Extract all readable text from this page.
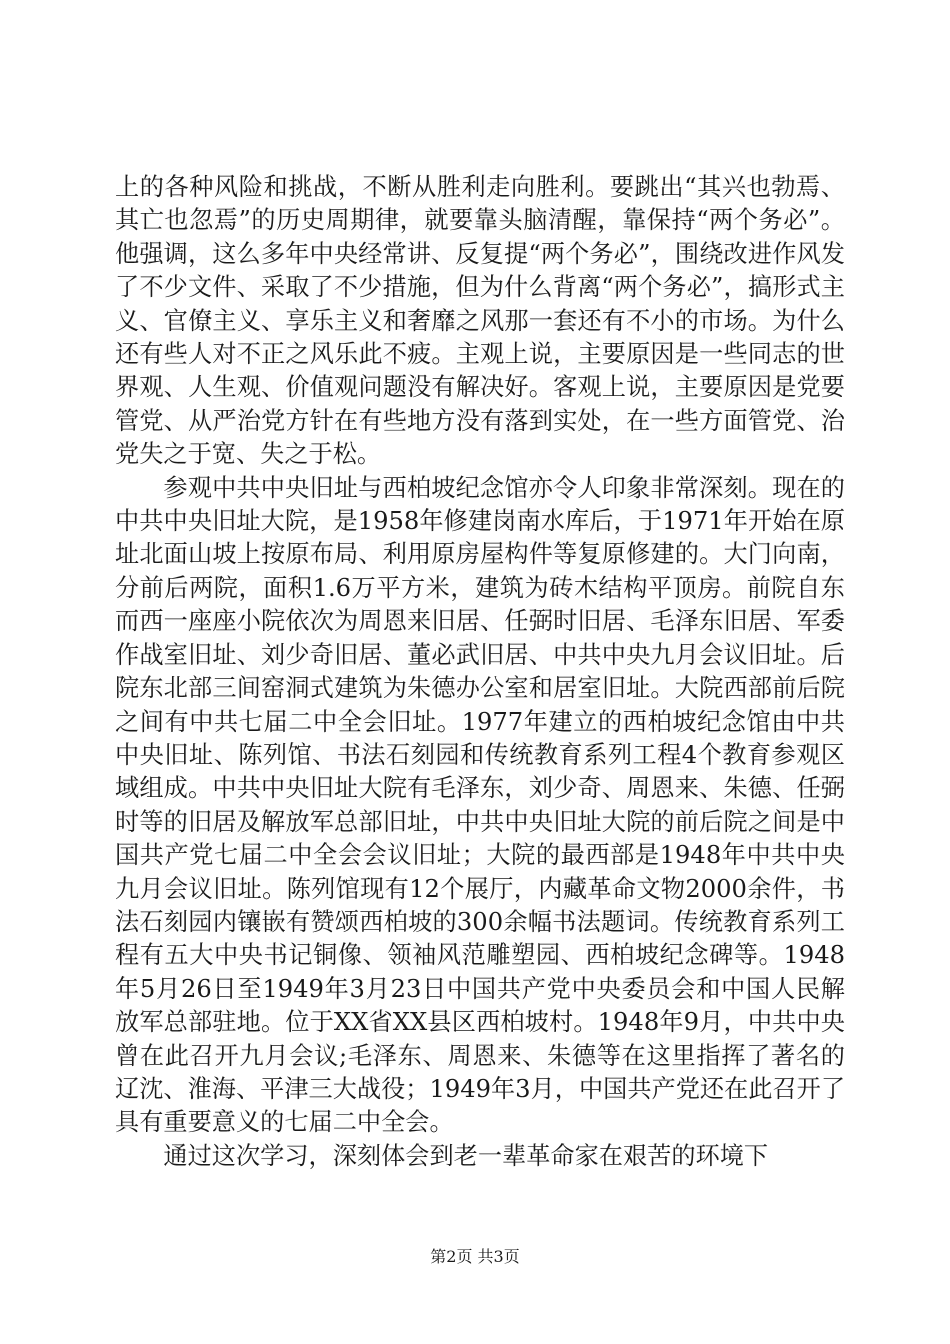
上的各种风险和挑战，不断从胜利走向胜利。要跳出“其兴也勃焉、其亡也忽焉”的历史周期律，就要靠头脑清醒，靠保持“两个务必”。他强调，这么多年中央经常讲、反复提“两个务必”，围绕改进作风发了不少文件、采取了不少措施，但为什么背离“两个务必”，搞形式主义、官僚主义、享乐主义和奢靡之风那一套还有不小的市场。为什么还有些人对不正之风乐此不疲。主观上说，主要原因是一些同志的世界观、人生观、价值观问题没有解决好。客观上说，主要原因是党要管党、从严治党方针在有些地方没有落到实处，在一些方面管党、治党失之于宽、失之于松。

参观中共中央旧址与西柏坡纪念馆亦令人印象非常深刻。现在的中共中央旧址大院，是1958年修建岗南水库后，于1971年开始在原址北面山坡上按原布局、利用原房屋构件等复原修建的。大门向南，分前后两院，面积1.6万平方米，建筑为砖木结构平顶房。前院自东而西一座座小院依次为周恩来旧居、任弼时旧居、毛泽东旧居、军委作战室旧址、刘少奇旧居、董必武旧居、中共中央九月会议旧址。后院东北部三间窑洞式建筑为朱德办公室和居室旧址。大院西部前后院之间有中共七届二中全会旧址。1977年建立的西柏坡纪念馆由中共中央旧址、陈列馆、书法石刻园和传统教育系列工程4个教育参观区域组成。中共中央旧址大院有毛泽东，刘少奇、周恩来、朱德、任弼时等的旧居及解放军总部旧址，中共中央旧址大院的前后院之间是中国共产党七届二中全会会议旧址；大院的最西部是1948年中共中央九月会议旧址。陈列馆现有12个展厅，内藏革命文物2000余件，书法石刻园内镶嵌有赞颂西柏坡的300余幅书法题词。传统教育系列工程有五大中央书记铜像、领袖风范雕塑园、西柏坡纪念碑等。1948年5月26日至1949年3月23日中国共产党中央委员会和中国人民解放军总部驻地。位于XX省XX县区西柏坡村。1948年9月，中共中央曾在此召开九月会议;毛泽东、周恩来、朱德等在这里指挥了著名的辽沈、淮海、平津三大战役；1949年3月，中国共产党还在此召开了具有重要意义的七届二中全会。

通过这次学习，深刻体会到老一辈革命家在艰苦的环境下

第2页 共3页
